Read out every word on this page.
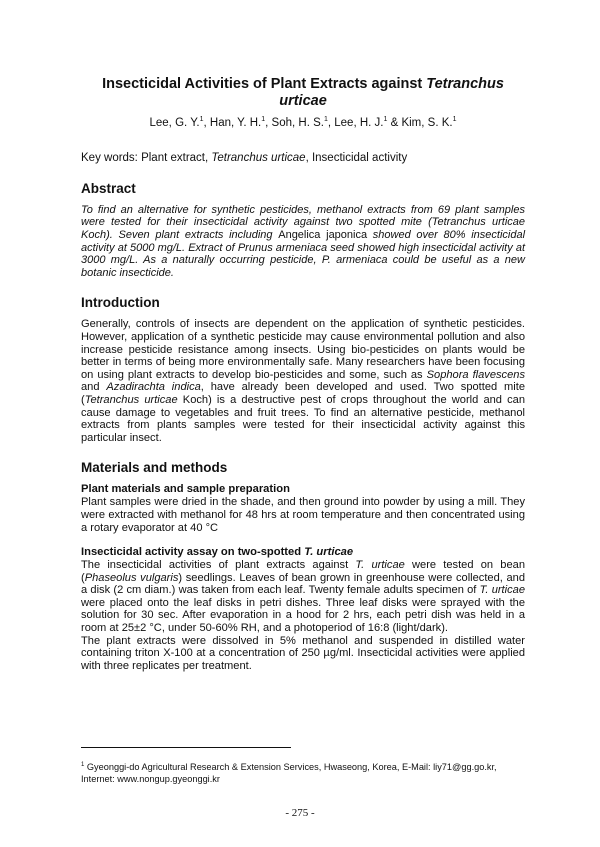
Insecticidal Activities of Plant Extracts against Tetranchus urticae
Lee, G. Y.$^1$, Han, Y. H.$^1$, Soh, H. S.$^1$, Lee, H. J.$^1$ & Kim, S. K.$^1$
Key words: Plant extract, Tetranchus urticae, Insecticidal activity
Abstract
To find an alternative for synthetic pesticides, methanol extracts from 69 plant samples were tested for their insecticidal activity against two spotted mite (Tetranchus urticae Koch). Seven plant extracts including Angelica japonica showed over 80% insecticidal activity at 5000 mg/L. Extract of Prunus armeniaca seed showed high insecticidal activity at 3000 mg/L. As a naturally occurring pesticide, P. armeniaca could be useful as a new botanic insecticide.
Introduction

Generally, controls of insects are dependent on the application of synthetic pesticides. However, application of a synthetic pesticide may cause environmental pollution and also increase pesticide resistance among insects. Using bio-pesticides on plants would be better in terms of being more environmentally safe. Many researchers have been focusing on using plant extracts to develop bio-pesticides and some, such as Sophora flavescens and Azadirachta indica, have already been developed and used. Two spotted mite (Tetranchus urticae Koch) is a destructive pest of crops throughout the world and can cause damage to vegetables and fruit trees. To find an alternative pesticide, methanol extracts from plants samples were tested for their insecticidal activity against this particular insect.

Materials and methods
Plant materials and sample preparation

Plant samples were dried in the shade, and then ground into powder by using a mill. They were extracted with methanol for 48 hrs at room temperature and then concentrated using a rotary evaporator at 40 °C

Insecticidal activity assay on two-spotted T. urticae

The insecticidal activities of plant extracts against T. urticae were tested on bean (Phaseolus vulgaris) seedlings. Leaves of bean grown in greenhouse were collected, and a disk (2 cm diam.) was taken from each leaf. Twenty female adults specimen of T. urticae were placed onto the leaf disks in petri dishes. Three leaf disks were sprayed with the solution for 30 sec. After evaporation in a hood for 2 hrs, each petri dish was held in a room at 25±2 °C, under 50-60% RH, and a photoperiod of 16:8 (light/dark).

The plant extracts were dissolved in 5% methanol and suspended in distilled water containing triton X-100 at a concentration of 250 µg/ml. Insecticidal activities were applied with three replicates per treatment.

$^1$ Gyeonggi-do Agricultural Research & Extension Services, Hwaseong, Korea, E-Mail: liy71@gg.go.kr, Internet: www.nongup.gyeonggi.kr
- 275 -
